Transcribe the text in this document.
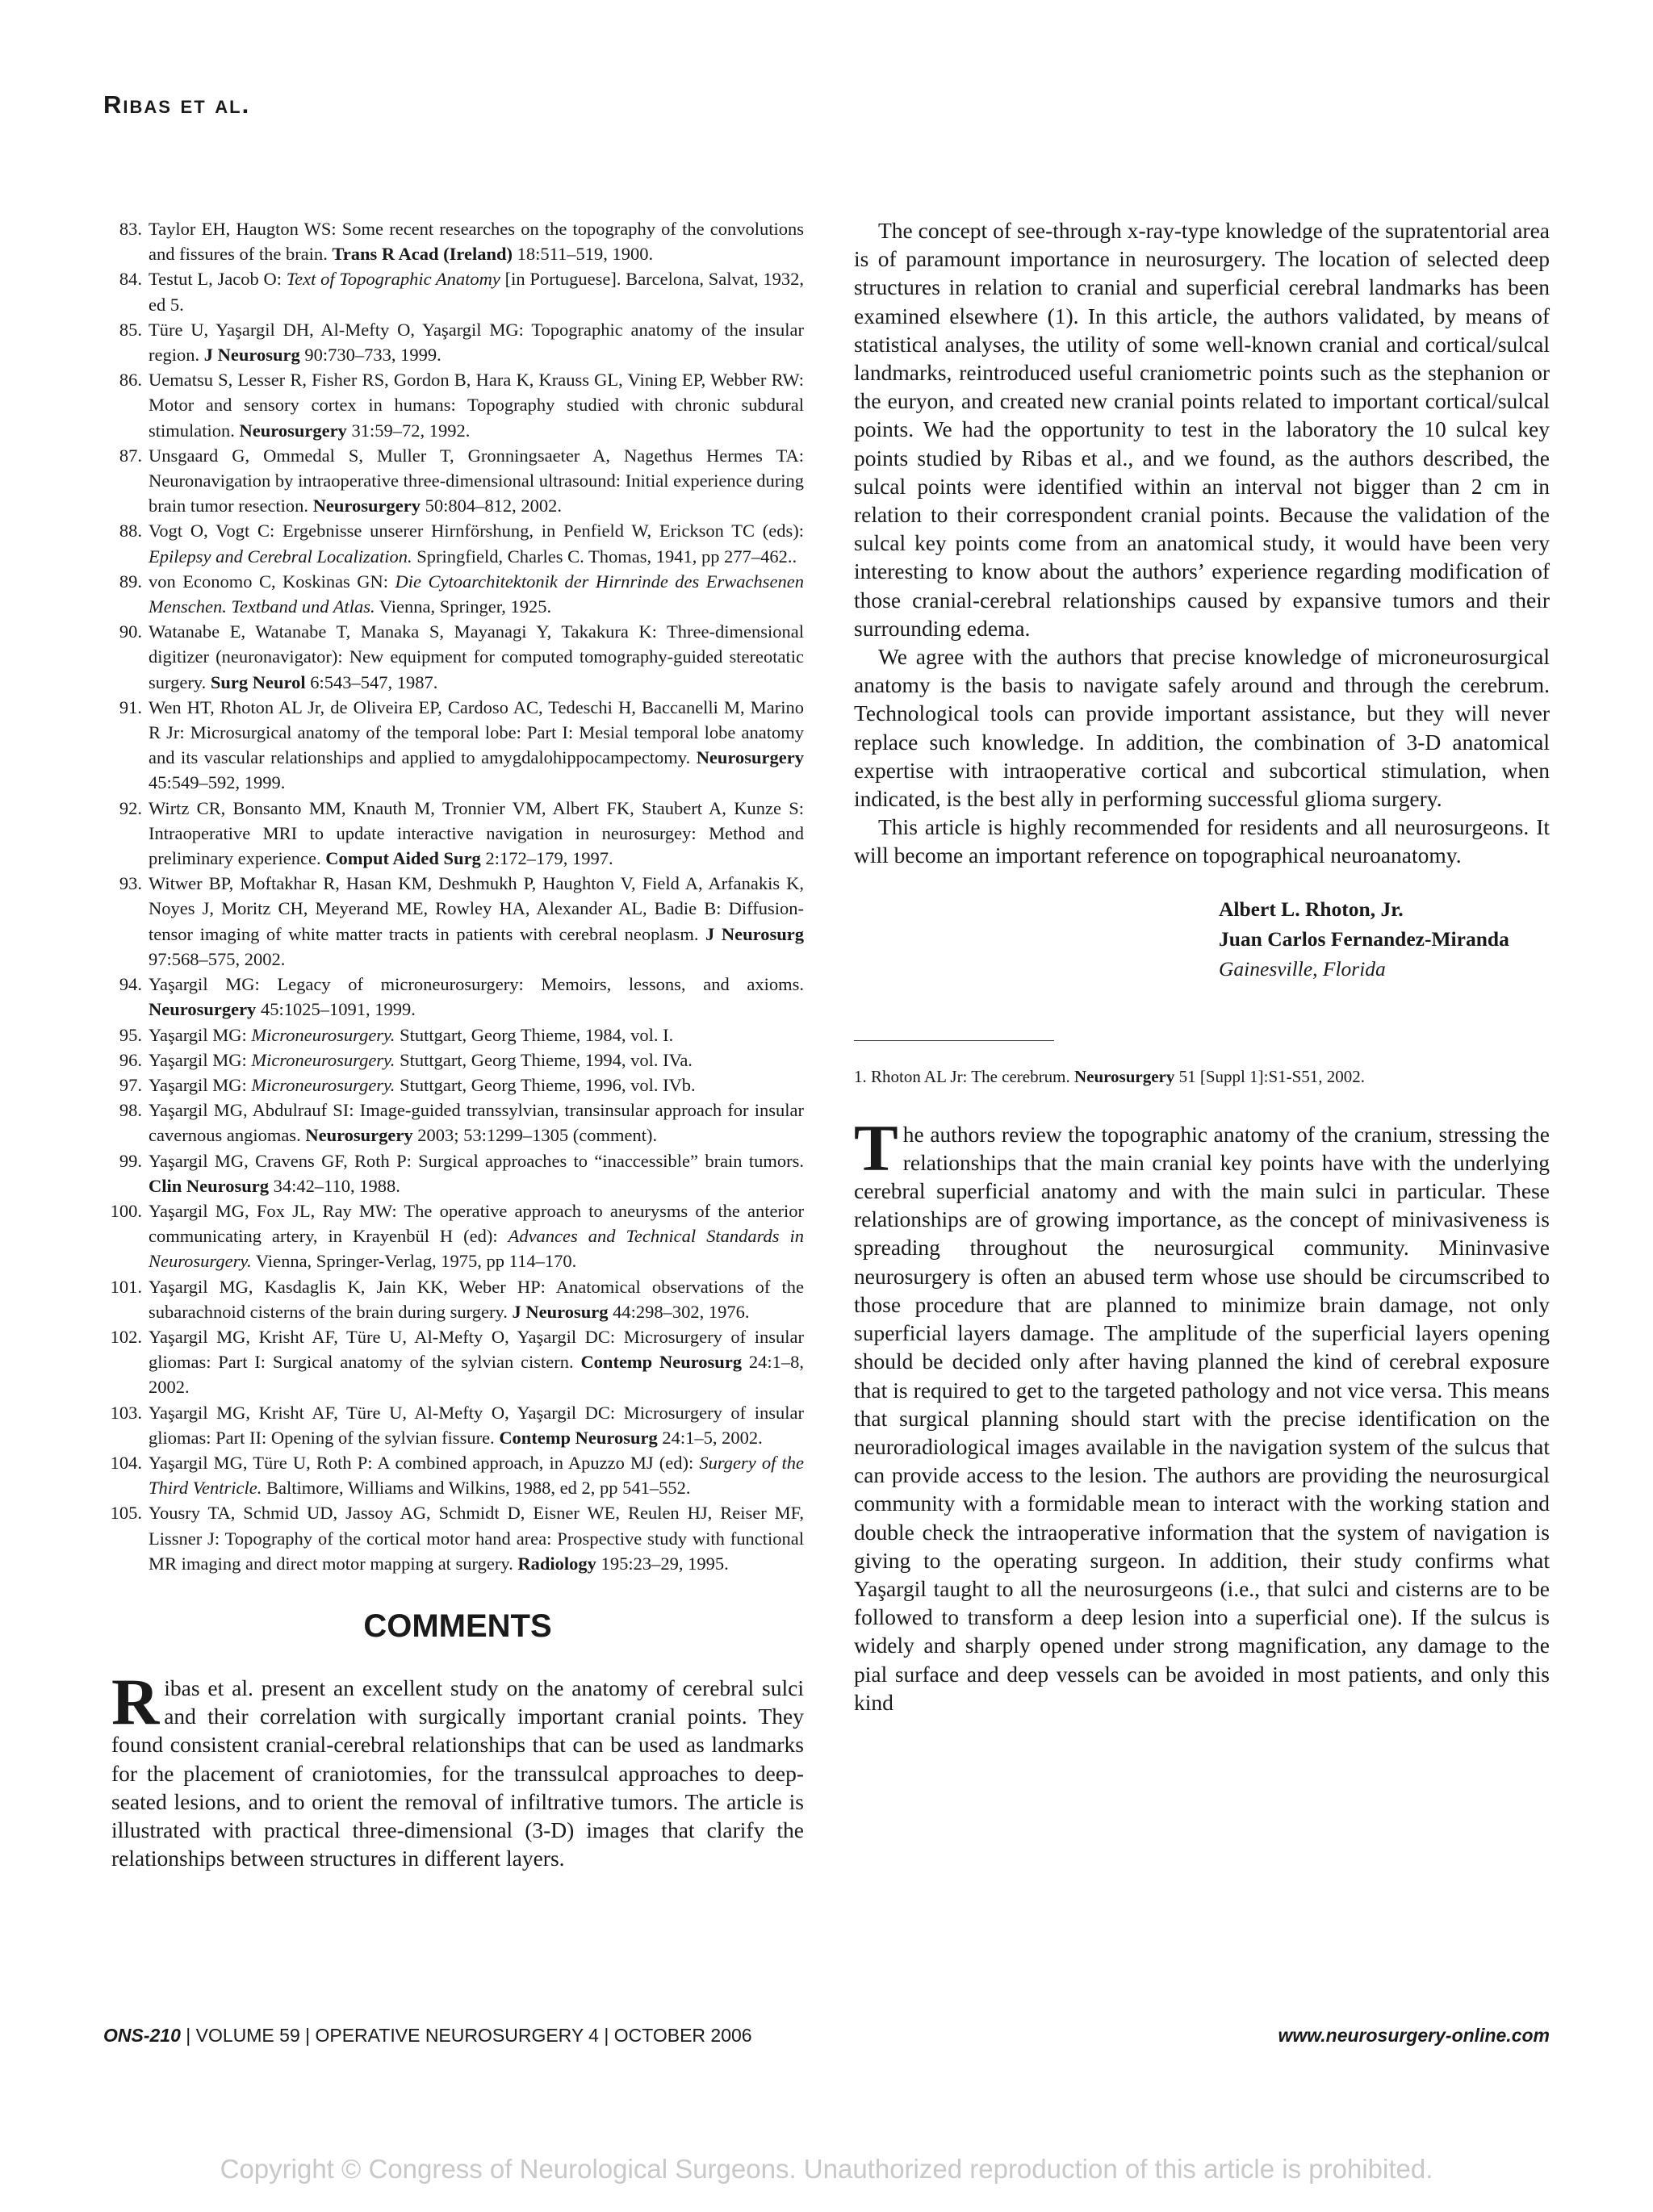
Ribas et al.
83. Taylor EH, Haugton WS: Some recent researches on the topography of the convolutions and fissures of the brain. Trans R Acad (Ireland) 18:511–519, 1900.
84. Testut L, Jacob O: Text of Topographic Anatomy [in Portuguese]. Barcelona, Salvat, 1932, ed 5.
85. Türe U, Yaşargil DH, Al-Mefty O, Yaşargil MG: Topographic anatomy of the insular region. J Neurosurg 90:730–733, 1999.
86. Uematsu S, Lesser R, Fisher RS, Gordon B, Hara K, Krauss GL, Vining EP, Webber RW: Motor and sensory cortex in humans: Topography studied with chronic subdural stimulation. Neurosurgery 31:59–72, 1992.
87. Unsgaard G, Ommedal S, Muller T, Gronningsaeter A, Nagethus Hermes TA: Neuronavigation by intraoperative three-dimensional ultrasound: Initial experience during brain tumor resection. Neurosurgery 50:804–812, 2002.
88. Vogt O, Vogt C: Ergebnisse unserer Hirnförshung, in Penfield W, Erickson TC (eds): Epilepsy and Cerebral Localization. Springfield, Charles C. Thomas, 1941, pp 277–462..
89. von Economo C, Koskinas GN: Die Cytoarchitektonik der Hirnrinde des Erwachsenen Menschen. Textband und Atlas. Vienna, Springer, 1925.
90. Watanabe E, Watanabe T, Manaka S, Mayanagi Y, Takakura K: Three-dimensional digitizer (neuronavigator): New equipment for computed tomography-guided stereotatic surgery. Surg Neurol 6:543–547, 1987.
91. Wen HT, Rhoton AL Jr, de Oliveira EP, Cardoso AC, Tedeschi H, Baccanelli M, Marino R Jr: Microsurgical anatomy of the temporal lobe: Part I: Mesial temporal lobe anatomy and its vascular relationships and applied to amygdalohippocampectomy. Neurosurgery 45:549–592, 1999.
92. Wirtz CR, Bonsanto MM, Knauth M, Tronnier VM, Albert FK, Staubert A, Kunze S: Intraoperative MRI to update interactive navigation in neurosurgey: Method and preliminary experience. Comput Aided Surg 2:172–179, 1997.
93. Witwer BP, Moftakhar R, Hasan KM, Deshmukh P, Haughton V, Field A, Arfanakis K, Noyes J, Moritz CH, Meyerand ME, Rowley HA, Alexander AL, Badie B: Diffusion-tensor imaging of white matter tracts in patients with cerebral neoplasm. J Neurosurg 97:568–575, 2002.
94. Yaşargil MG: Legacy of microneurosurgery: Memoirs, lessons, and axioms. Neurosurgery 45:1025–1091, 1999.
95. Yaşargil MG: Microneurosurgery. Stuttgart, Georg Thieme, 1984, vol. I.
96. Yaşargil MG: Microneurosurgery. Stuttgart, Georg Thieme, 1994, vol. IVa.
97. Yaşargil MG: Microneurosurgery. Stuttgart, Georg Thieme, 1996, vol. IVb.
98. Yaşargil MG, Abdulrauf SI: Image-guided transsylvian, transinsular approach for insular cavernous angiomas. Neurosurgery 2003; 53:1299–1305 (comment).
99. Yaşargil MG, Cravens GF, Roth P: Surgical approaches to “inaccessible” brain tumors. Clin Neurosurg 34:42–110, 1988.
100. Yaşargil MG, Fox JL, Ray MW: The operative approach to aneurysms of the anterior communicating artery, in Krayenbül H (ed): Advances and Technical Standards in Neurosurgery. Vienna, Springer-Verlag, 1975, pp 114–170.
101. Yaşargil MG, Kasdaglis K, Jain KK, Weber HP: Anatomical observations of the subarachnoid cisterns of the brain during surgery. J Neurosurg 44:298–302, 1976.
102. Yaşargil MG, Krisht AF, Türe U, Al-Mefty O, Yaşargil DC: Microsurgery of insular gliomas: Part I: Surgical anatomy of the sylvian cistern. Contemp Neurosurg 24:1–8, 2002.
103. Yaşargil MG, Krisht AF, Türe U, Al-Mefty O, Yaşargil DC: Microsurgery of insular gliomas: Part II: Opening of the sylvian fissure. Contemp Neurosurg 24:1–5, 2002.
104. Yaşargil MG, Türe U, Roth P: A combined approach, in Apuzzo MJ (ed): Surgery of the Third Ventricle. Baltimore, Williams and Wilkins, 1988, ed 2, pp 541–552.
105. Yousry TA, Schmid UD, Jassoy AG, Schmidt D, Eisner WE, Reulen HJ, Reiser MF, Lissner J: Topography of the cortical motor hand area: Prospective study with functional MR imaging and direct motor mapping at surgery. Radiology 195:23–29, 1995.
COMMENTS

Ribas et al. present an excellent study on the anatomy of cerebral sulci and their correlation with surgically important cranial points. They found consistent cranial-cerebral relationships that can be used as landmarks for the placement of craniotomies, for the transsulcal approaches to deep-seated lesions, and to orient the removal of infiltrative tumors. The article is illustrated with practical three-dimensional (3-D) images that clarify the relationships between structures in different layers.

The concept of see-through x-ray-type knowledge of the supratentorial area is of paramount importance in neurosurgery. The location of selected deep structures in relation to cranial and superficial cerebral landmarks has been examined elsewhere (1). In this article, the authors validated, by means of statistical analyses, the utility of some well-known cranial and cortical/sulcal landmarks, reintroduced useful craniometric points such as the stephanion or the euryon, and created new cranial points related to important cortical/sulcal points. We had the opportunity to test in the laboratory the 10 sulcal key points studied by Ribas et al., and we found, as the authors described, the sulcal points were identified within an interval not bigger than 2 cm in relation to their correspondent cranial points. Because the validation of the sulcal key points come from an anatomical study, it would have been very interesting to know about the authors’ experience regarding modification of those cranial-cerebral relationships caused by expansive tumors and their surrounding edema.

We agree with the authors that precise knowledge of microneurosurgical anatomy is the basis to navigate safely around and through the cerebrum. Technological tools can provide important assistance, but they will never replace such knowledge. In addition, the combination of 3-D anatomical expertise with intraoperative cortical and subcortical stimulation, when indicated, is the best ally in performing successful glioma surgery.

This article is highly recommended for residents and all neurosurgeons. It will become an important reference on topographical neuroanatomy.

Albert L. Rhoton, Jr.
Juan Carlos Fernandez-Miranda
Gainesville, Florida

1. Rhoton AL Jr: The cerebrum. Neurosurgery 51 [Suppl 1]:S1-S51, 2002.

The authors review the topographic anatomy of the cranium, stressing the relationships that the main cranial key points have with the underlying cerebral superficial anatomy and with the main sulci in particular. These relationships are of growing importance, as the concept of minivasiveness is spreading throughout the neurosurgical community. Mininvasive neurosurgery is often an abused term whose use should be circumscribed to those procedure that are planned to minimize brain damage, not only superficial layers damage. The amplitude of the superficial layers opening should be decided only after having planned the kind of cerebral exposure that is required to get to the targeted pathology and not vice versa. This means that surgical planning should start with the precise identification on the neuroradiological images available in the navigation system of the sulcus that can provide access to the lesion. The authors are providing the neurosurgical community with a formidable mean to interact with the working station and double check the intraoperative information that the system of navigation is giving to the operating surgeon. In addition, their study confirms what Yaşargil taught to all the neurosurgeons (i.e., that sulci and cisterns are to be followed to transform a deep lesion into a superficial one). If the sulcus is widely and sharply opened under strong magnification, any damage to the pial surface and deep vessels can be avoided in most patients, and only this kind

ONS-210 | VOLUME 59 | OPERATIVE NEUROSURGERY 4 | OCTOBER 2006	www.neurosurgery-online.com
Copyright © Congress of Neurological Surgeons. Unauthorized reproduction of this article is prohibited.
